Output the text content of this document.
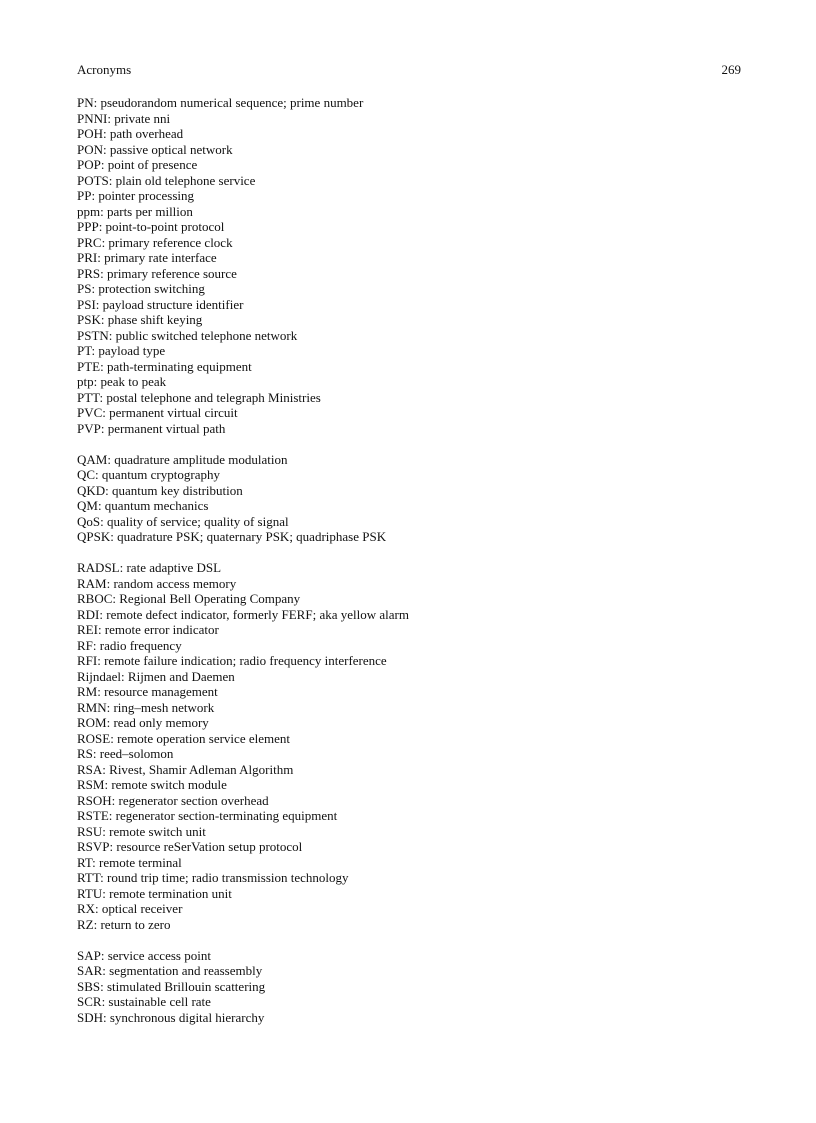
Acronyms	269
PN: pseudorandom numerical sequence; prime number
PNNI: private nni
POH: path overhead
PON: passive optical network
POP: point of presence
POTS: plain old telephone service
PP: pointer processing
ppm: parts per million
PPP: point-to-point protocol
PRC: primary reference clock
PRI: primary rate interface
PRS: primary reference source
PS: protection switching
PSI: payload structure identifier
PSK: phase shift keying
PSTN: public switched telephone network
PT: payload type
PTE: path-terminating equipment
ptp: peak to peak
PTT: postal telephone and telegraph Ministries
PVC: permanent virtual circuit
PVP: permanent virtual path
QAM: quadrature amplitude modulation
QC: quantum cryptography
QKD: quantum key distribution
QM: quantum mechanics
QoS: quality of service; quality of signal
QPSK: quadrature PSK; quaternary PSK; quadriphase PSK
RADSL: rate adaptive DSL
RAM: random access memory
RBOC: Regional Bell Operating Company
RDI: remote defect indicator, formerly FERF; aka yellow alarm
REI: remote error indicator
RF: radio frequency
RFI: remote failure indication; radio frequency interference
Rijndael: Rijmen and Daemen
RM: resource management
RMN: ring–mesh network
ROM: read only memory
ROSE: remote operation service element
RS: reed–solomon
RSA: Rivest, Shamir Adleman Algorithm
RSM: remote switch module
RSOH: regenerator section overhead
RSTE: regenerator section-terminating equipment
RSU: remote switch unit
RSVP: resource reSerVation setup protocol
RT: remote terminal
RTT: round trip time; radio transmission technology
RTU: remote termination unit
RX: optical receiver
RZ: return to zero
SAP: service access point
SAR: segmentation and reassembly
SBS: stimulated Brillouin scattering
SCR: sustainable cell rate
SDH: synchronous digital hierarchy
